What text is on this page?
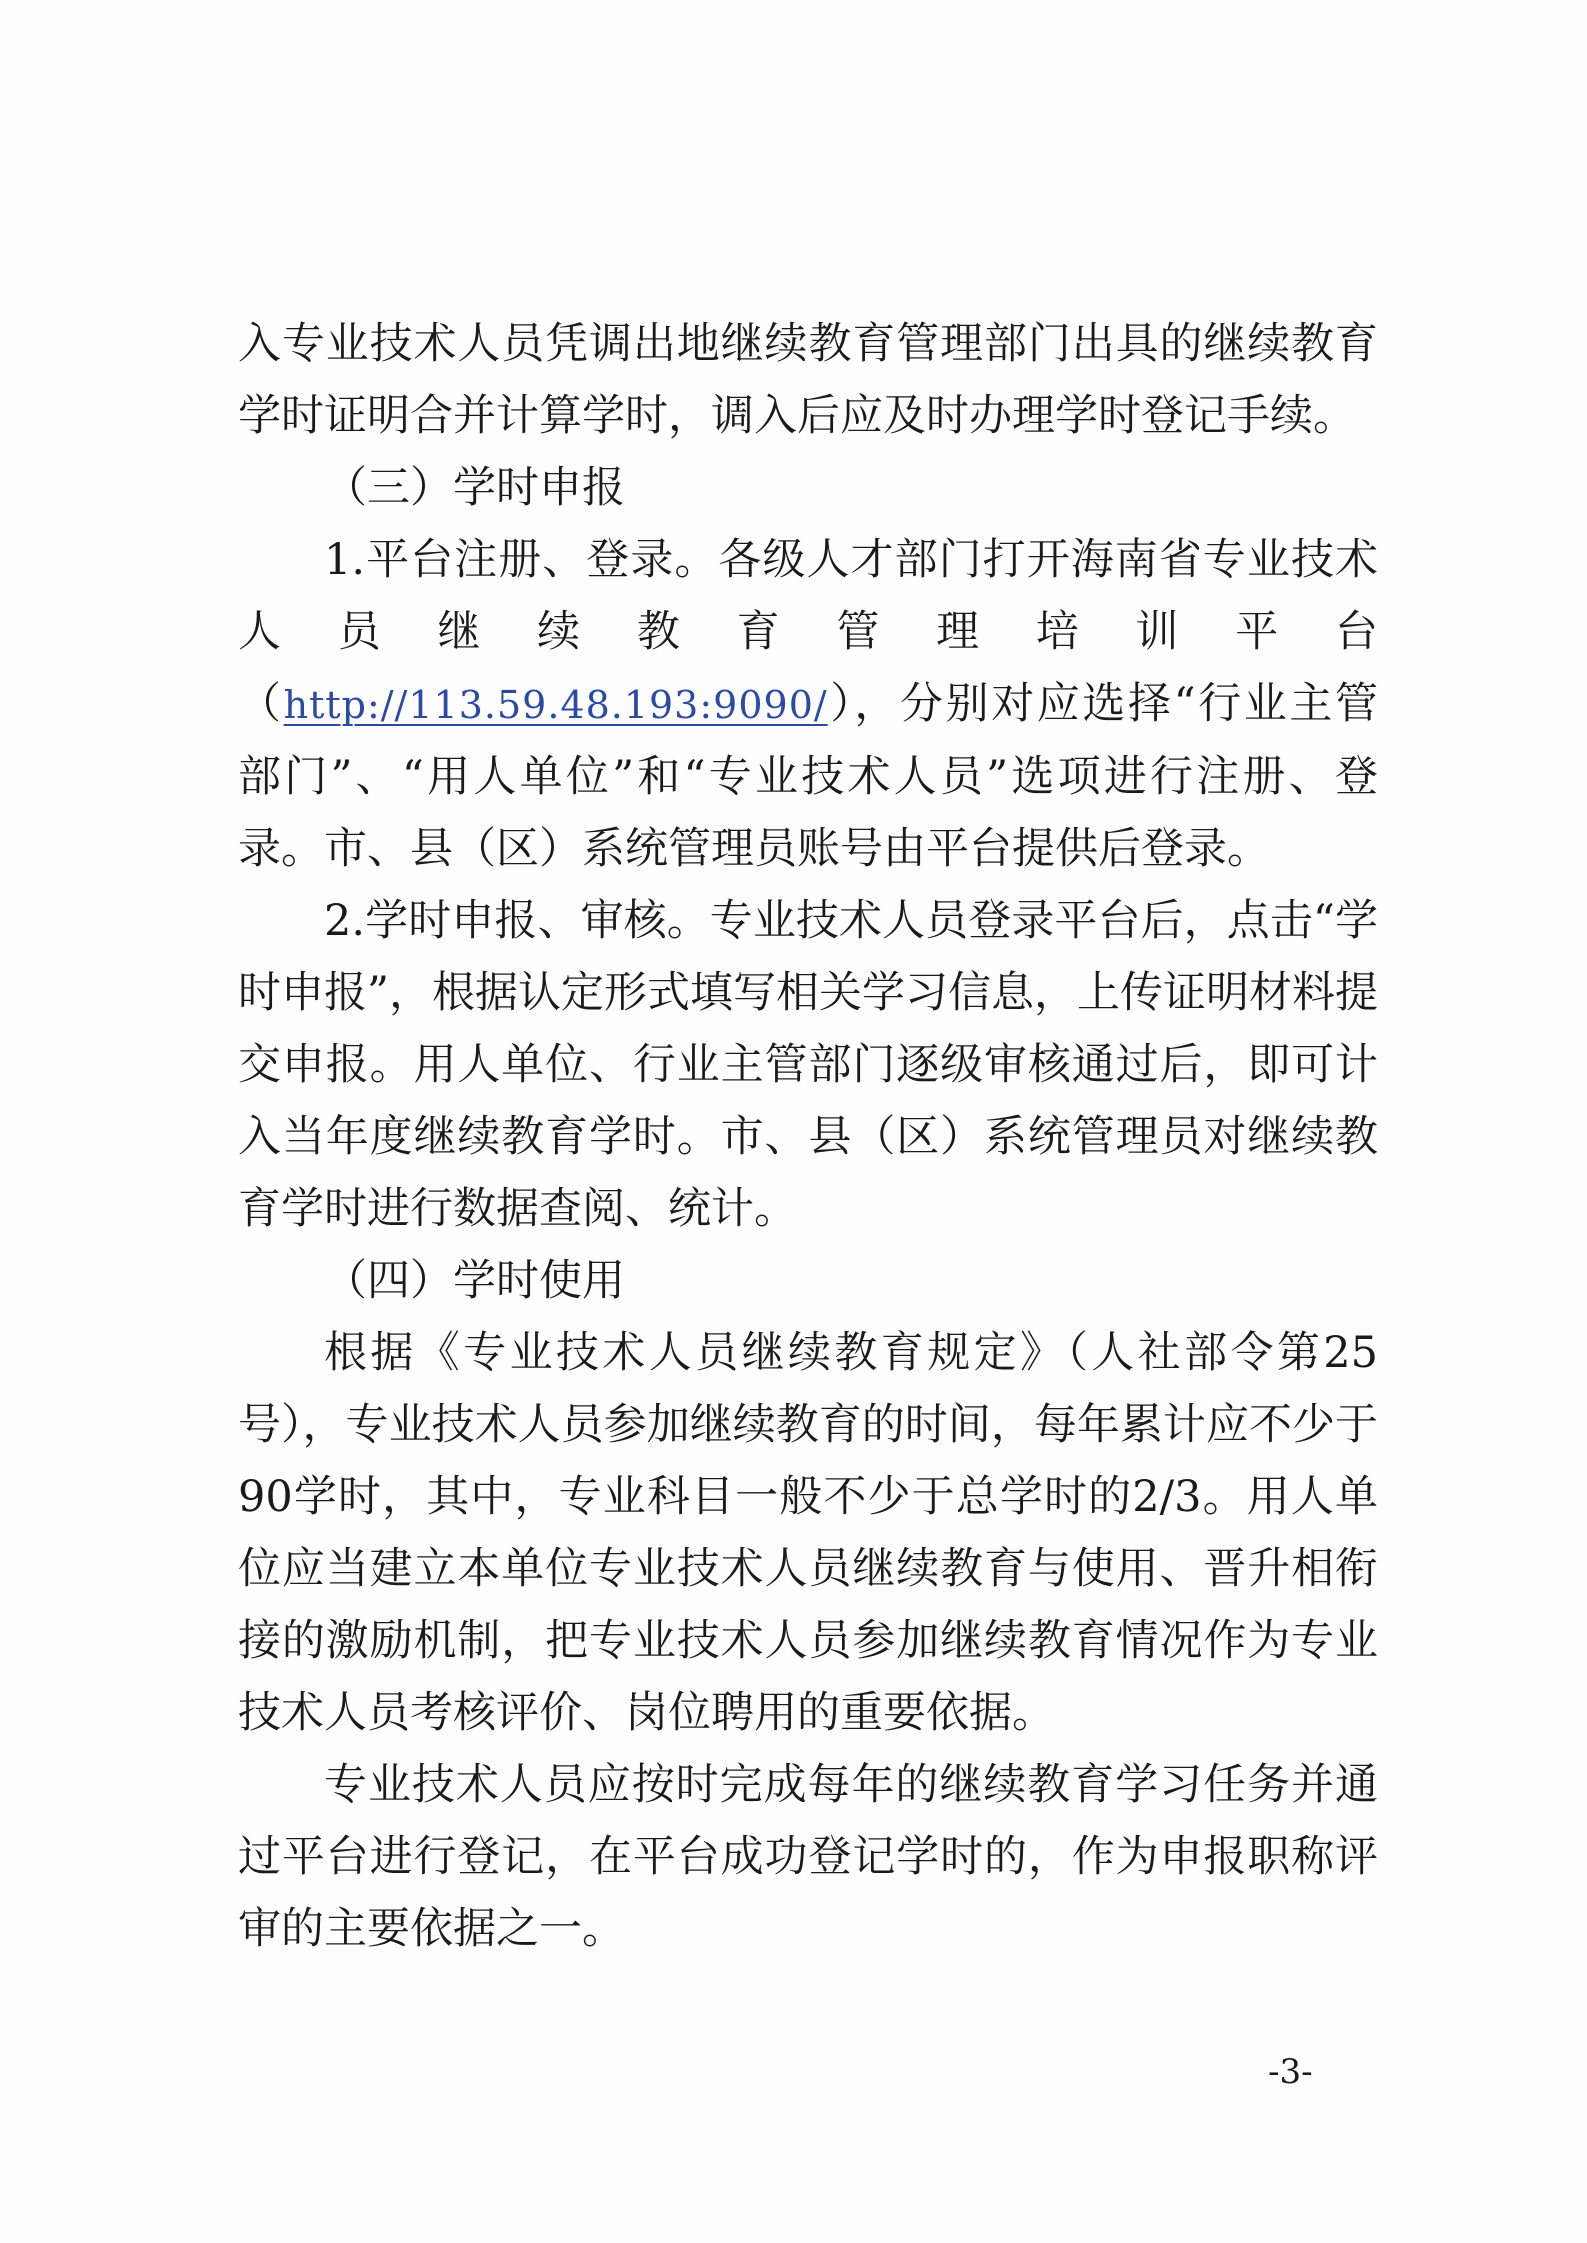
入专业技术人员凭调出地继续教育管理部门出具的继续教育学时证明合并计算学时，调入后应及时办理学时登记手续。

（三）学时申报

1.平台注册、登录。各级人才部门打开海南省专业技术人员继续教育管理培训平台（http://113.59.48.193:9090/），分别对应选择“行业主管部门”、“用人单位”和“专业技术人员”选项进行注册、登录。市、县（区）系统管理员账号由平台提供后登录。

2.学时申报、审核。专业技术人员登录平台后，点击“学时申报”，根据认定形式填写相关学习信息，上传证明材料提交申报。用人单位、行业主管部门逐级审核通过后，即可计入当年度继续教育学时。市、县（区）系统管理员对继续教育学时进行数据查阅、统计。

（四）学时使用

根据《专业技术人员继续教育规定》（人社部令第25号），专业技术人员参加继续教育的时间，每年累计应不少于90学时，其中，专业科目一般不少于总学时的2/3。用人单位应当建立本单位专业技术人员继续教育与使用、晋升相衔接的激励机制，把专业技术人员参加继续教育情况作为专业技术人员考核评价、岗位聘用的重要依据。

专业技术人员应按时完成每年的继续教育学习任务并通过平台进行登记，在平台成功登记学时的，作为申报职称评审的主要依据之一。

-3-
